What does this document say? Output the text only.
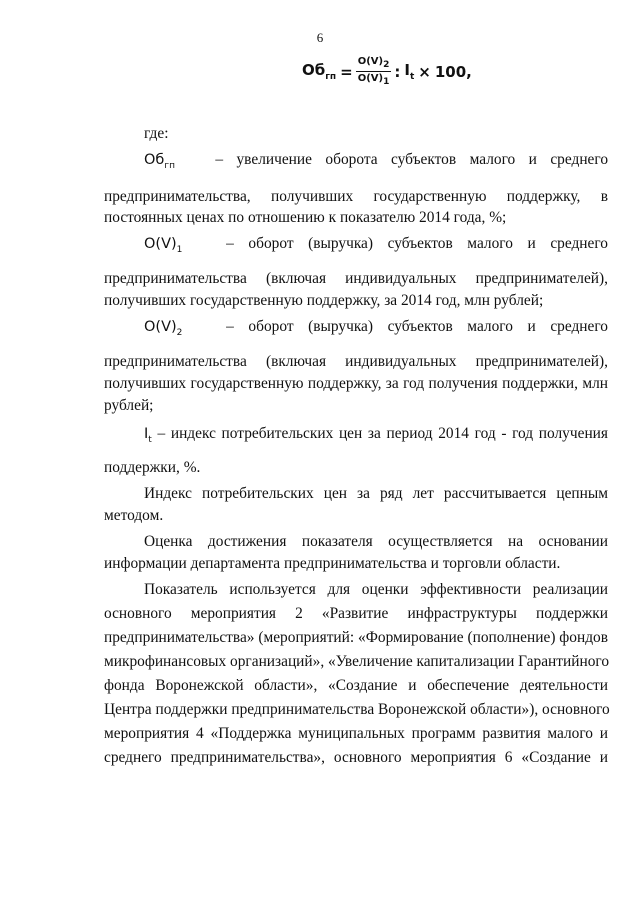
6
$Об_{гп} = \frac{O(V)_2}{O(V)_1}$ : $I_t \times 100$,
где:
$Об_{гп}$	– увеличение оборота субъектов малого и среднего
предпринимательства, получивших государственную поддержку, в
постоянных ценах по отношению к показателю 2014 года, %;
$O(V)_1$	– оборот (выручка) субъектов малого и среднего
предпринимательства (включая индивидуальных предпринимателей),
получивших государственную поддержку, за 2014 год, млн рублей;
$O(V)_2$	– оборот (выручка) субъектов малого и среднего
предпринимательства (включая индивидуальных предпринимателей),
получивших государственную поддержку, за год получения поддержки, млн
рублей;
$I_t$ – индекс потребительских цен за период 2014 год - год получения
поддержки, %.
Индекс потребительских цен за ряд лет рассчитывается цепным
методом.
Оценка достижения показателя осуществляется на основании
информации департамента предпринимательства и торговли области.
Показатель используется для оценки эффективности реализации
основного мероприятия 2 «Развитие инфраструктуры поддержки
предпринимательства» (мероприятий: «Формирование (пополнение) фондов
микрофинансовых организаций», «Увеличение капитализации Гарантийного
фонда Воронежской области», «Создание и обеспечение деятельности
Центра поддержки предпринимательства Воронежской области»), основного
мероприятия 4 «Поддержка муниципальных программ развития малого и
среднего предпринимательства», основного мероприятия 6 «Создание и
